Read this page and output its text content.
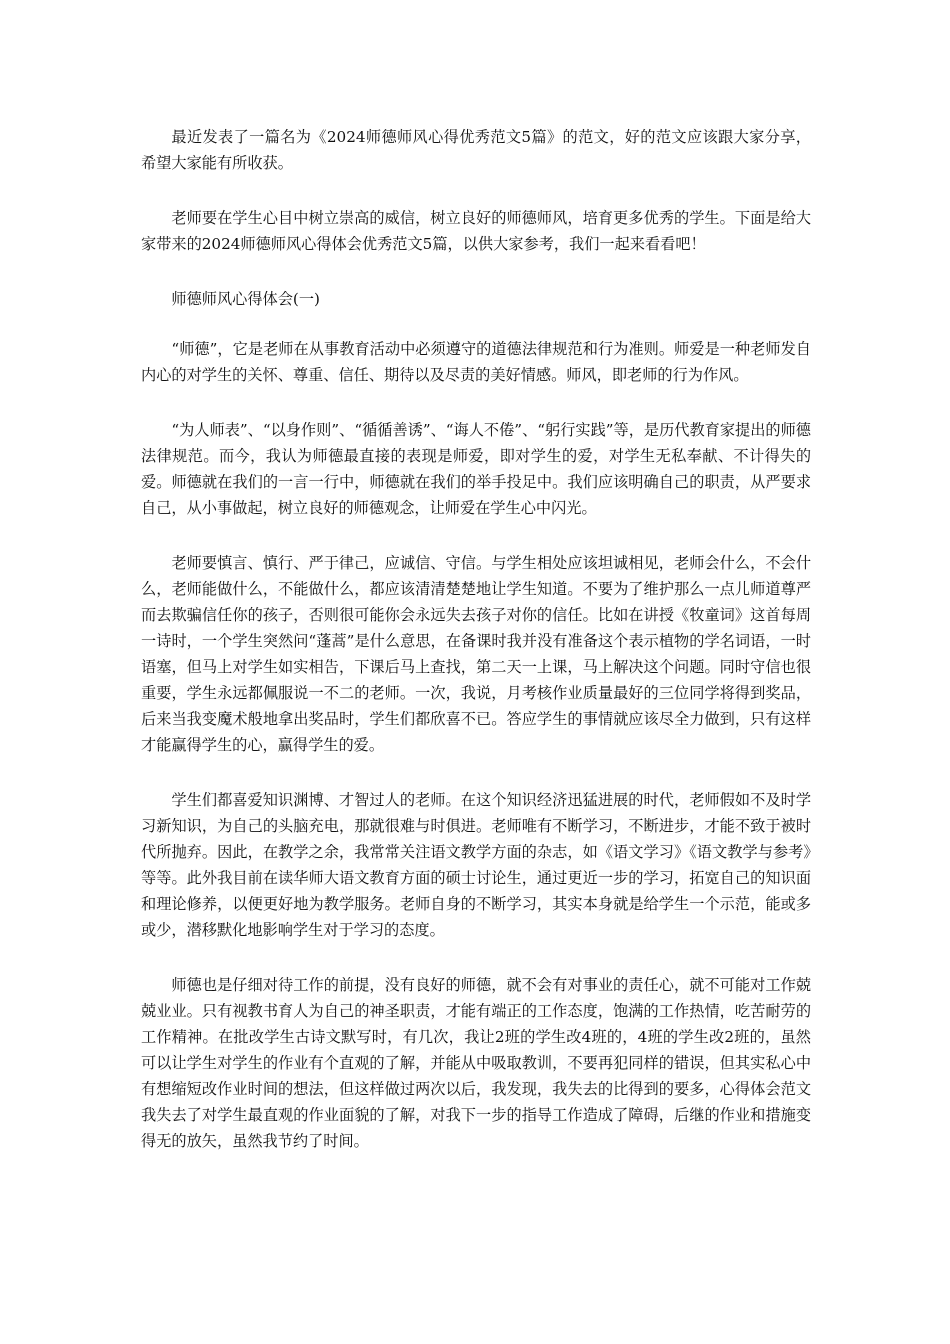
最近发表了一篇名为《2024师德师风心得优秀范文5篇》的范文，好的范文应该跟大家分享，希望大家能有所收获。

老师要在学生心目中树立崇高的威信，树立良好的师德师风，培育更多优秀的学生。下面是给大家带来的2024师德师风心得体会优秀范文5篇，以供大家参考，我们一起来看看吧！

师德师风心得体会(一)

“师德”，它是老师在从事教育活动中必须遵守的道德法律规范和行为准则。师爱是一种老师发自内心的对学生的关怀、尊重、信任、期待以及尽责的美好情感。师风，即老师的行为作风。

“为人师表”、“以身作则”、“循循善诱”、“诲人不倦”、“躬行实践”等，是历代教育家提出的师德法律规范。而今，我认为师德最直接的表现是师爱，即对学生的爱，对学生无私奉献、不计得失的爱。师德就在我们的一言一行中，师德就在我们的举手投足中。我们应该明确自己的职责，从严要求自己，从小事做起，树立良好的师德观念，让师爱在学生心中闪光。

老师要慎言、慎行、严于律己，应诚信、守信。与学生相处应该坦诚相见，老师会什么，不会什么，老师能做什么，不能做什么，都应该清清楚楚地让学生知道。不要为了维护那么一点儿师道尊严而去欺骗信任你的孩子，否则很可能你会永远失去孩子对你的信任。比如在讲授《牧童词》这首每周一诗时，一个学生突然问“蓬蒿”是什么意思，在备课时我并没有准备这个表示植物的学名词语，一时语塞，但马上对学生如实相告，下课后马上查找，第二天一上课，马上解决这个问题。同时守信也很重要，学生永远都佩服说一不二的老师。一次，我说，月考核作业质量最好的三位同学将得到奖品，后来当我变魔术般地拿出奖品时，学生们都欣喜不已。答应学生的事情就应该尽全力做到，只有这样才能赢得学生的心，赢得学生的爱。

学生们都喜爱知识渊博、才智过人的老师。在这个知识经济迅猛进展的时代，老师假如不及时学习新知识，为自己的头脑充电，那就很难与时俱进。老师唯有不断学习，不断进步，才能不致于被时代所抛弃。因此，在教学之余，我常常关注语文教学方面的杂志，如《语文学习》《语文教学与参考》等等。此外我目前在读华师大语文教育方面的硕士讨论生，通过更近一步的学习，拓宽自己的知识面和理论修养，以便更好地为教学服务。老师自身的不断学习，其实本身就是给学生一个示范，能或多或少，潜移默化地影响学生对于学习的态度。

师德也是仔细对待工作的前提，没有良好的师德，就不会有对事业的责任心，就不可能对工作兢兢业业。只有视教书育人为自己的神圣职责，才能有端正的工作态度，饱满的工作热情，吃苦耐劳的工作精神。在批改学生古诗文默写时，有几次，我让2班的学生改4班的，4班的学生改2班的，虽然可以让学生对学生的作业有个直观的了解，并能从中吸取教训，不要再犯同样的错误，但其实私心中有想缩短改作业时间的想法，但这样做过两次以后，我发现，我失去的比得到的要多，心得体会范文我失去了对学生最直观的作业面貌的了解，对我下一步的指导工作造成了障碍，后继的作业和措施变得无的放矢，虽然我节约了时间。
